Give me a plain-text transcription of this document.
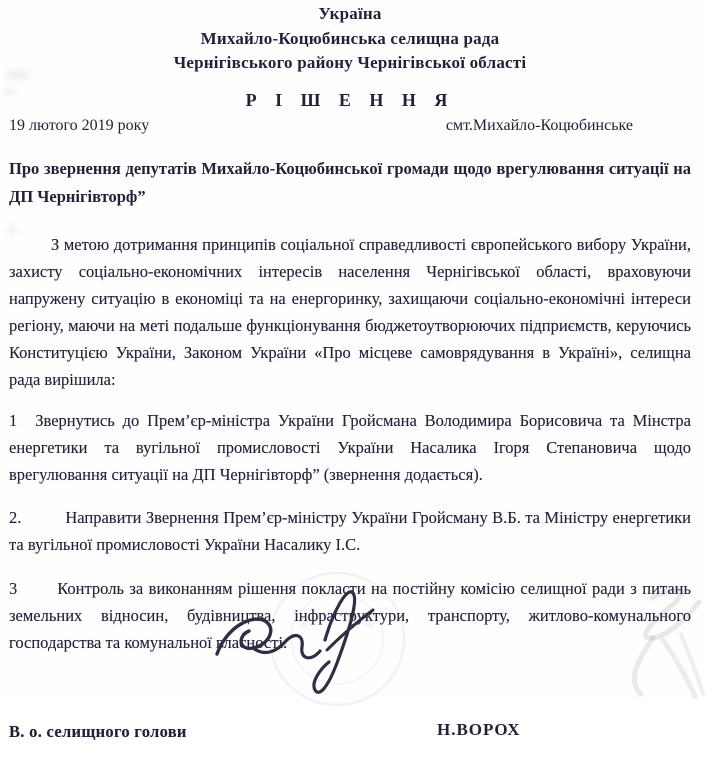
Україна
Михайло-Коцюбинська селищна рада
Чернігівського району Чернігівської області
Р І Ш Е Н Н Я
19 лютого 2019 року	смт.Михайло-Коцюбинське
Про звернення депутатів Михайло-Коцюбинської громади щодо врегулювання ситуації на ДП Чернігівторф”
З метою дотримання принципів соціальної справедливості європейського вибору України, захисту соціально-економічних інтересів населення Чернігівської області, враховуючи напружену ситуацію в економіці та на енергоринку, захищаючи соціально-економічні інтереси регіону, маючи на меті подальше функціонування бюджетоутворюючих підприємств, керуючись Конституцією України, Законом України «Про місцеве самоврядування в Україні», селищна рада вирішила:

1 Звернутись до Прем’єр-міністра України Гройсмана Володимира Борисовича та Мінстра енергетики та вугільної промисловості України Насалика Ігоря Степановича щодо врегулювання ситуації на ДП Чернігівторф” (звернення додається).

2.	Направити Звернення Прем’єр-міністру України Гройсману В.Б. та Міністру енергетики та вугільної промисловості України Насалику І.С.

3 Контроль за виконанням рішення покласти на постійну комісію селищної ради з питань земельних відносин, будівництва, інфраструктури, транспорту, житлово-комунального господарства та комунальної власності.

В. о. селищного голови	Н.ВОРОХ
